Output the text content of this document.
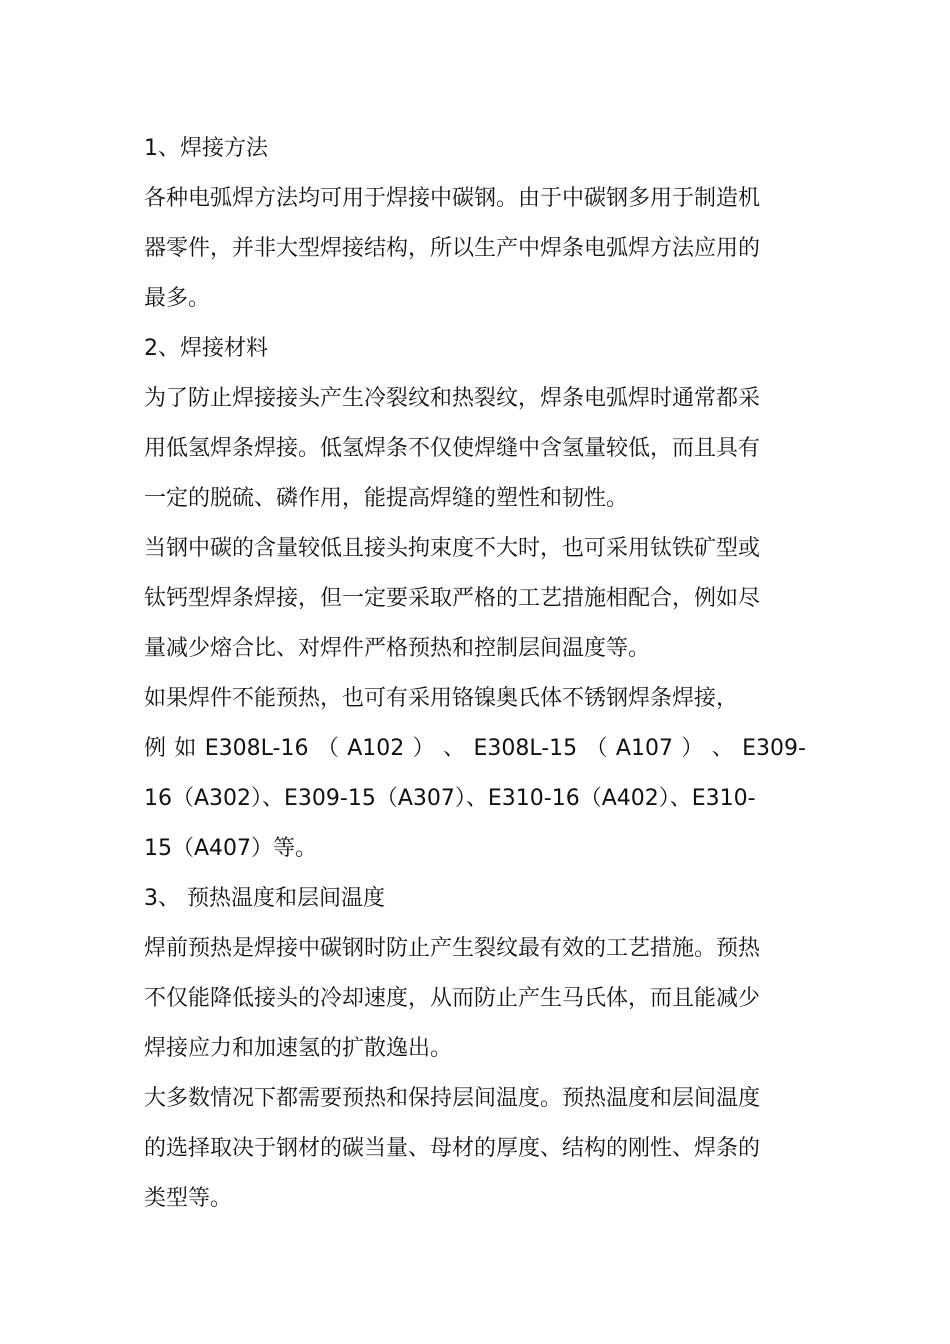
1、焊接方法
各种电弧焊方法均可用于焊接中碳钢。由于中碳钢多用于制造机
器零件，并非大型焊接结构，所以生产中焊条电弧焊方法应用的
最多。
2、焊接材料
为了防止焊接接头产生冷裂纹和热裂纹，焊条电弧焊时通常都采
用低氢焊条焊接。低氢焊条不仅使焊缝中含氢量较低，而且具有
一定的脱硫、磷作用，能提高焊缝的塑性和韧性。
当钢中碳的含量较低且接头拘束度不大时，也可采用钛铁矿型或
钛钙型焊条焊接，但一定要采取严格的工艺措施相配合，例如尽
量减少熔合比、对焊件严格预热和控制层间温度等。
如果焊件不能预热，也可有采用铬镍奥氏体不锈钢焊条焊接，
例 如 E308L-16 （ A102 ） 、 E308L-15 （ A107 ） 、 E309-
16（A302）、E309-15（A307）、E310-16（A402）、E310-
15（A407）等。
3、 预热温度和层间温度
焊前预热是焊接中碳钢时防止产生裂纹最有效的工艺措施。预热
不仅能降低接头的冷却速度，从而防止产生马氏体，而且能减少
焊接应力和加速氢的扩散逸出。
大多数情况下都需要预热和保持层间温度。预热温度和层间温度
的选择取决于钢材的碳当量、母材的厚度、结构的刚性、焊条的
类型等。
